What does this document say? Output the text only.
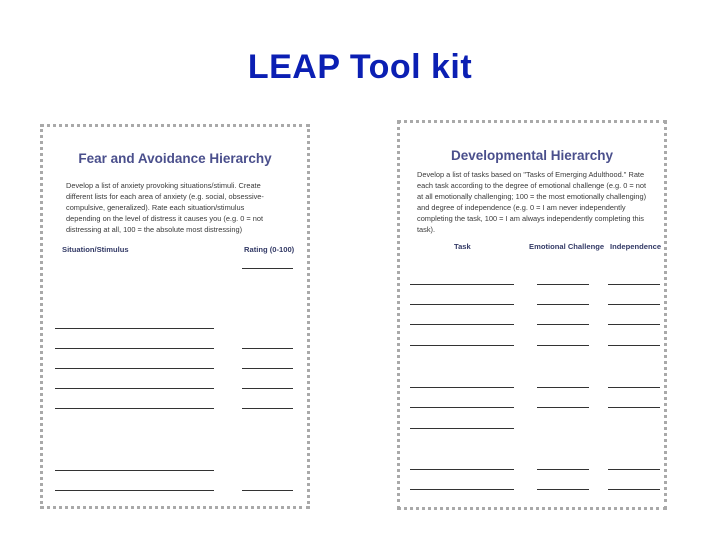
LEAP Tool kit
Fear and Avoidance Hierarchy
Develop a list of anxiety provoking situations/stimuli. Create different lists for each area of anxiety (e.g. social, obsessive-compulsive, generalized). Rate each situation/stimulus depending on the level of distress it causes you (e.g. 0 = not distressing at all, 100 = the absolute most distressing)
Situation/Stimulus	Rating (0-100)
Developmental Hierarchy
Develop a list of tasks based on "Tasks of Emerging Adulthood." Rate each task according to the degree of emotional challenge (e.g. 0 = not at all emotionally challenging; 100 = the most emotionally challenging) and degree of independence (e.g. 0 = I am never independently completing the task, 100 = I am always independently completing this task).
Task	Emotional Challenge Independence
